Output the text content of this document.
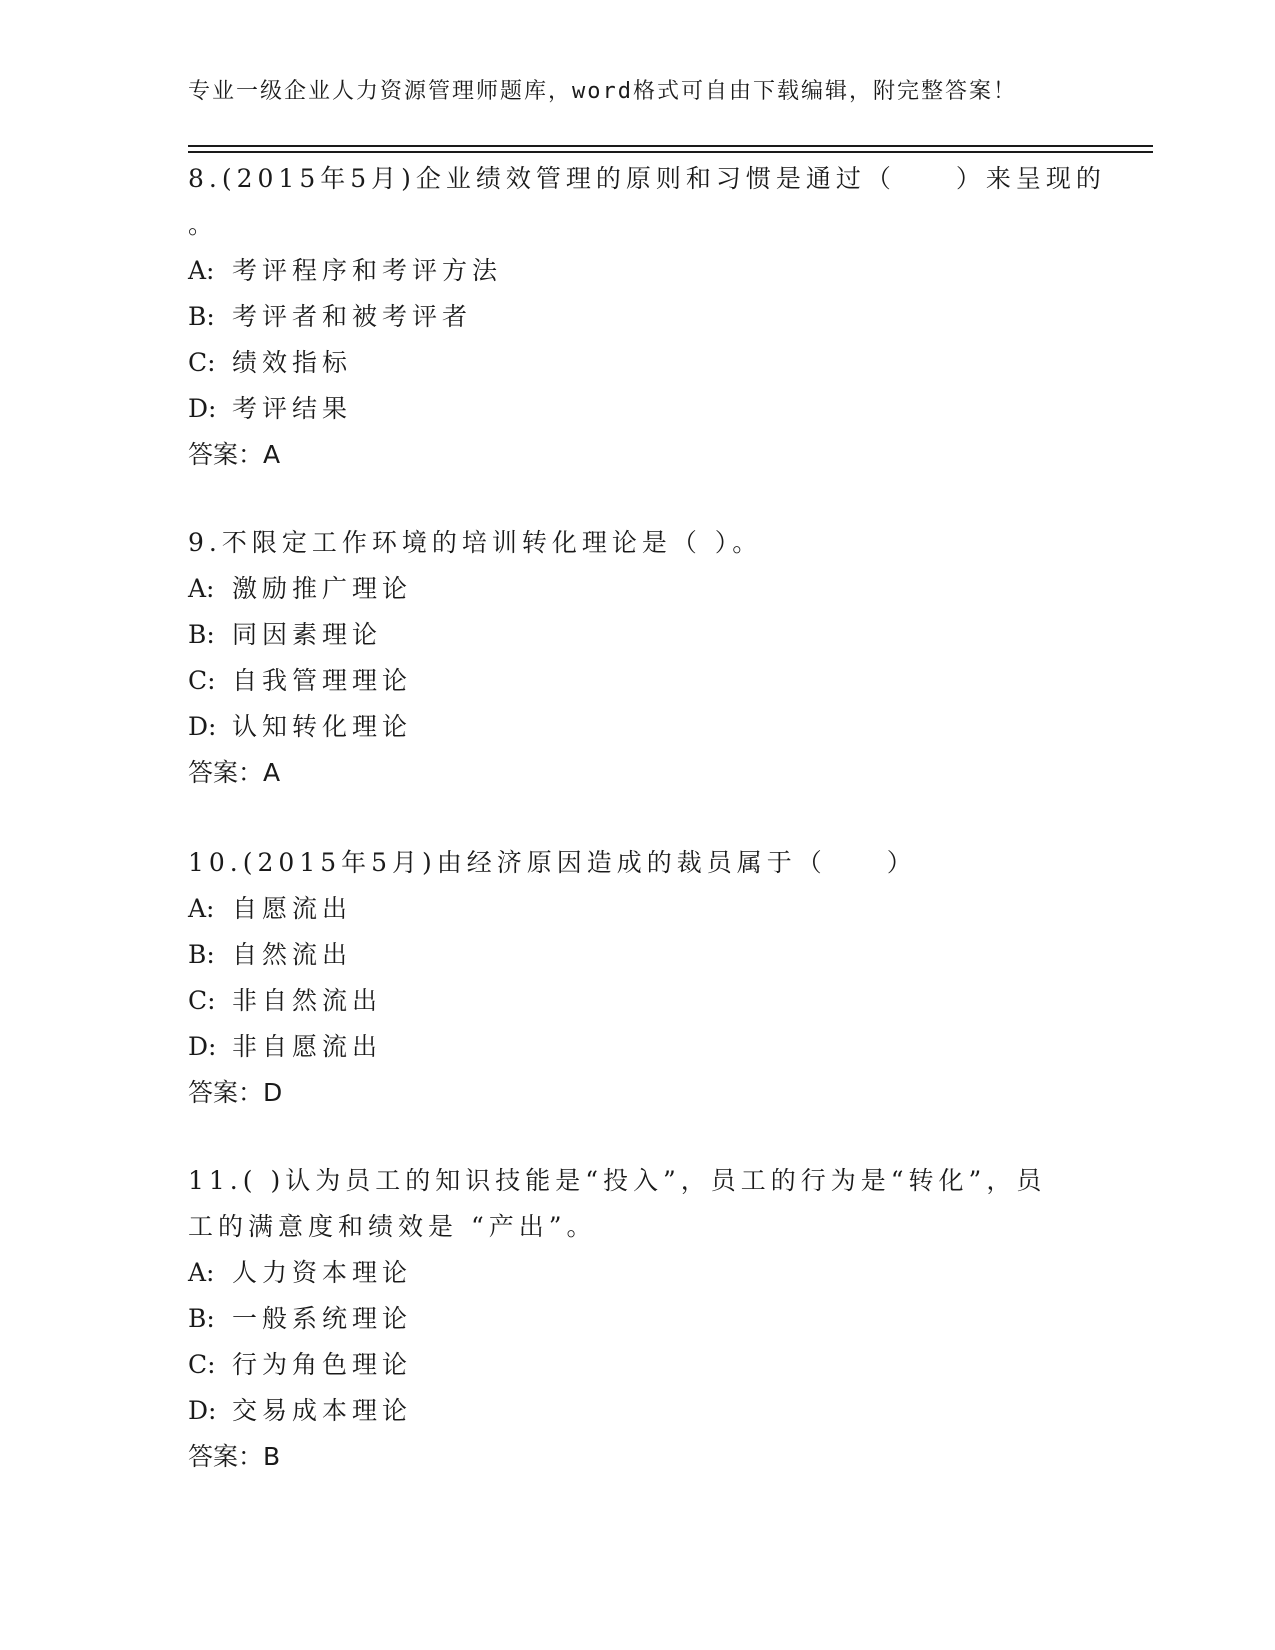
专业一级企业人力资源管理师题库，word格式可自由下载编辑，附完整答案！
8.(2015年5月)企业绩效管理的原则和习惯是通过（　　）来呈现的
。
A: 考评程序和考评方法
B: 考评者和被考评者
C: 绩效指标
D: 考评结果
答案：A
9.不限定工作环境的培训转化理论是（ ）。
A: 激励推广理论
B: 同因素理论
C: 自我管理理论
D: 认知转化理论
答案：A
10.(2015年5月)由经济原因造成的裁员属于（　　）
A: 自愿流出
B: 自然流出
C: 非自然流出
D: 非自愿流出
答案：D
11.( )认为员工的知识技能是“投入”，员工的行为是“转化”，员
工的满意度和绩效是 “产出”。
A: 人力资本理论
B: 一般系统理论
C: 行为角色理论
D: 交易成本理论
答案：B
